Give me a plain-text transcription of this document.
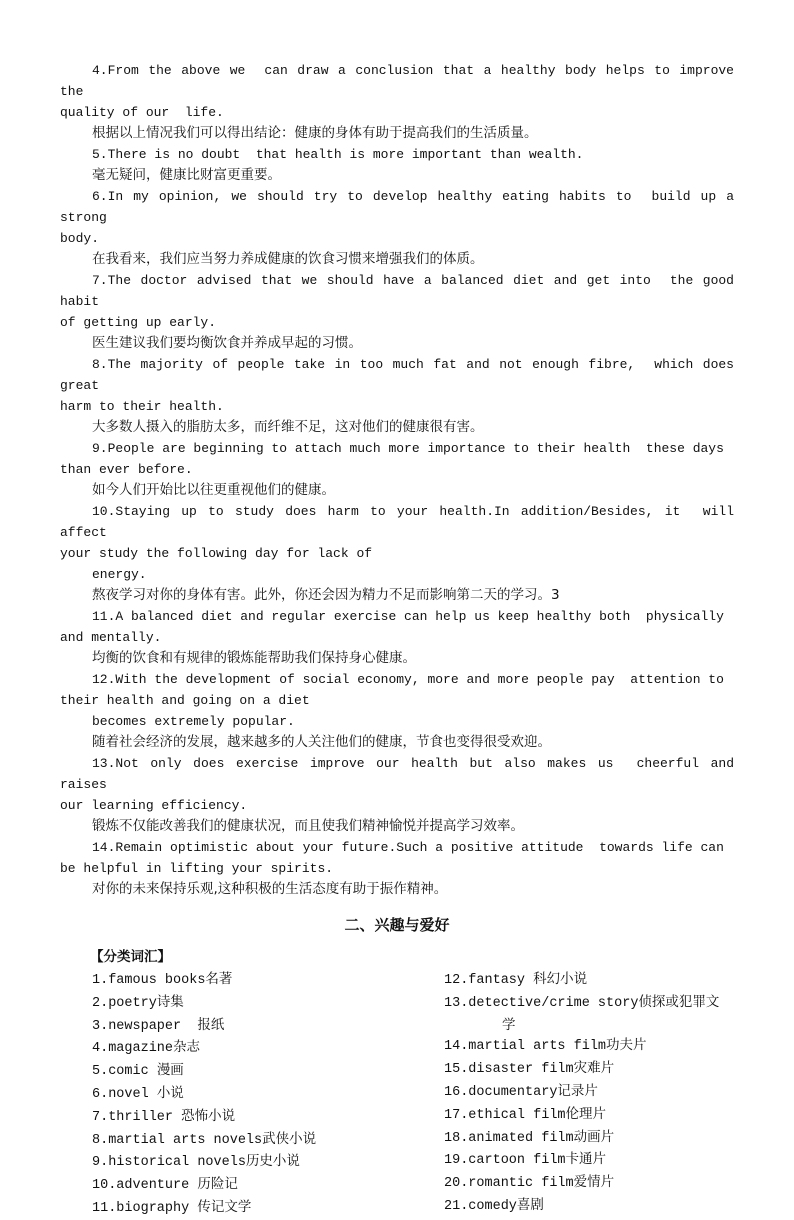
4.From the above we  can draw a conclusion that a healthy body helps to improve the
quality of our  life.

根据以上情况我们可以得出结论：健康的身体有助于提高我们的生活质量。

5.There is no doubt  that health is more important than wealth.

毫无疑问，健康比财富更重要。

6.In my opinion, we should try to develop healthy eating habits to  build up a strong
body.

在我看来，我们应当努力养成健康的饮食习惯来增强我们的体质。

7.The doctor advised that we should have a balanced diet and get into  the good habit
of getting up early.

医生建议我们要均衡饮食并养成早起的习惯。

8.The majority of people take in too much fat and not enough fibre,  which does great
harm to their health.

大多数人摄入的脂肪太多，而纤维不足，这对他们的健康很有害。

9.People are beginning to attach much more importance to their health  these days
than ever before.

如今人们开始比以往更重视他们的健康。

10.Staying up to study does harm to your health.In addition/Besides, it  will affect
your study the following day for lack of
energy.

熬夜学习对你的身体有害。此外，你还会因为精力不足而影响第二天的学习。3

11.A balanced diet and regular exercise can help us keep healthy both  physically
and mentally.

均衡的饮食和有规律的锻炼能帮助我们保持身心健康。

12.With the development of social economy, more and more people pay  attention to
their health and going on a diet
becomes extremely popular.

随着社会经济的发展，越来越多的人关注他们的健康，节食也变得很受欢迎。

13.Not only does exercise improve our health but also makes us  cheerful and raises
our learning efficiency.

锻炼不仅能改善我们的健康状况，而且使我们精神愉悦并提高学习效率。

14.Remain optimistic about your future.Such a positive attitude  towards life can
be helpful in lifting your spirits.

对你的未来保持乐观,这种积极的生活态度有助于振作精神。

二、兴趣与爱好
【分类词汇】
1.famous books名著
2.poetry诗集
3.newspaper  报纸	学
4.magazine杂志
5.comic 漫画
6.novel 小说
7.thriller 恐怖小说
8.martial arts novels武侠小说
9.historical novels历史小说
10.adventure 历险记
11.biography 传记文学
12.fantasy 科幻小说
13.detective/crime story侦探或犯罪文

14.martial arts film功夫片
15.disaster film灾难片
16.documentary记录片
17.ethical film伦理片
18.animated film动画片
19.cartoon film卡通片
20.romantic film爱情片
21.comedy喜剧
